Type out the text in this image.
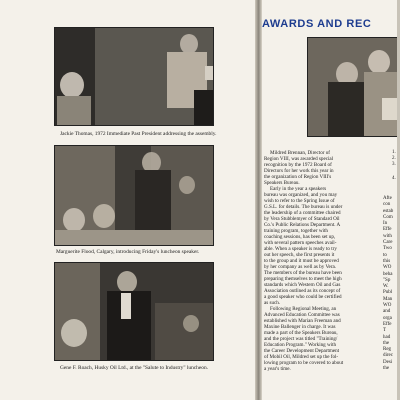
Jackie Thomas, 1972 Immediate Past President addressing the assembly.
Marguerite Flood, Calgary, introducing Friday's luncheon speaker.
Gene F. Roach, Husky Oil Ltd., at the "Salute to Industry" luncheon.
AWARDS AND REC
Mildred Brennan, Director of
Region VIII, was awarded special
recognition by the 1972 Board of
Directors for her work this year in
the organization of Region VIII's
Speakers Bureau.
Early in the year a speakers
bureau was organized, and you may
wish to refer to the Spring Issue of
G.S.L. for details. The bureau is under
the leadership of a committee chaired
by Vera Stubblemyer of Standard Oil
Co.'s Public Relations Department. A
training program, together with
coaching sessions, has been set up,
with several pattern speeches avail-
able. When a speaker is ready to try
out her speech, she first presents it
to the group and it must be approved
by her company as well as by Vera.
The members of the bureau have been
preparing themselves to meet the high
standards which Western Oil and Gas
Association outlined as its concept of
a good speaker who could be certified
as such.
Following Regional Meeting, an
Advanced Education Committee was
established with Marian Freeman and
Maxine Ballenger in charge. It was
made a part of the Speakers Bureau,
and the project was titled "Training/
Education Program." Working with
the Career Development Department
of Mobil Oil, Mildred set up the fol-
lowing program to be covered to about
a year's time.
Afte
con
estab
Com
In
Effe
with
Care
Two
to
this
WO
beha
"Sp
W.
Publ
Man
WO
and
orga
Effe
T
had
the
Reg
direc
Desi
the
1.
2.
3.
4.
